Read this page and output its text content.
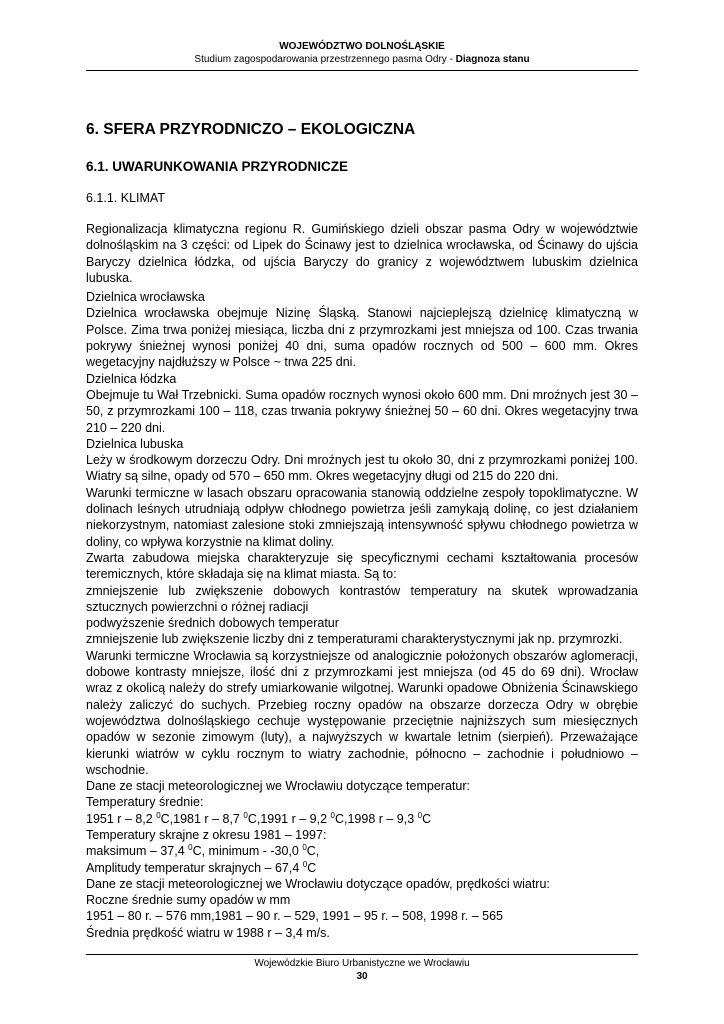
WOJEWÓDZTWO DOLNOŚLĄSKIE
Studium zagospodarowania przestrzennego pasma Odry - Diagnoza stanu
6. SFERA PRZYRODNICZO – EKOLOGICZNA
6.1. UWARUNKOWANIA PRZYRODNICZE
6.1.1. KLIMAT

Regionalizacja klimatyczna regionu R. Gumińskiego dzieli obszar pasma Odry w województwie dolnośląskim na 3 części: od Lipek do Ścinawy jest to dzielnica wrocławska, od Ścinawy do ujścia Baryczy dzielnica łódzka, od ujścia Baryczy do granicy z województwem lubuskim dzielnica lubuska.

Dzielnica wrocławska

Dzielnica wrocławska obejmuje Nizinę Śląską. Stanowi najcieplejszą dzielnicę klimatyczną w Polsce. Zima trwa poniżej miesiąca, liczba dni z przymrozkami jest mniejsza od 100. Czas trwania pokrywy śnieżnej wynosi poniżej 40 dni, suma opadów rocznych od 500 – 600 mm. Okres wegetacyjny najdłuższy w Polsce ~ trwa 225 dni.

Dzielnica łódzka

Obejmuje tu Wał Trzebnicki. Suma opadów rocznych wynosi około 600 mm. Dni mroźnych jest 30 – 50, z przymrozkami 100 – 118, czas trwania pokrywy śnieżnej 50 – 60 dni. Okres wegetacyjny trwa 210 – 220 dni.

Dzielnica lubuska

Leży w środkowym dorzeczu Odry. Dni mroźnych jest tu około 30, dni z przymrozkami poniżej 100. Wiatry są silne, opady od 570 – 650 mm. Okres wegetacyjny długi od 215 do 220 dni.

Warunki termiczne w lasach obszaru opracowania stanowią oddzielne zespoły topoklimatyczne. W dolinach leśnych utrudniają odpływ chłodnego powietrza jeśli zamykają dolinę, co jest działaniem niekorzystnym, natomiast zalesione stoki zmniejszają intensywność spływu chłodnego powietrza w doliny, co wpływa korzystnie na klimat doliny.

Zwarta zabudowa miejska charakteryzuje się specyficznymi cechami kształtowania procesów teremicznych, które składaja się na klimat miasta. Są to:

zmniejszenie lub zwiększenie dobowych kontrastów temperatury na skutek wprowadzania sztucznych powierzchni o różnej radiacji

podwyższenie średnich dobowych temperatur

zmniejszenie lub zwiększenie liczby dni z temperaturami charakterystycznymi jak np. przymrozki.

Warunki termiczne Wrocławia są korzystniejsze od analogicznie położonych obszarów aglomeracji, dobowe kontrasty mniejsze, ilość dni z przymrozkami jest mniejsza (od 45 do 69 dni). Wrocław wraz z okolicą należy do strefy umiarkowanie wilgotnej. Warunki opadowe Obniżenia Ścinawskiego należy zaliczyć do suchych. Przebieg roczny opadów na obszarze dorzecza Odry w obrębie województwa dolnośląskiego cechuje występowanie przeciętnie najniższych sum miesięcznych opadów w sezonie zimowym (luty), a najwyższych w kwartale letnim (sierpień). Przeważające kierunki wiatrów w cyklu rocznym to wiatry zachodnie, północno – zachodnie i południowo – wschodnie.

Dane ze stacji meteorologicznej we Wrocławiu dotyczące temperatur:

Temperatury średnie:

1951 r – 8,2 $^0$C,1981 r – 8,7 $^0$C,1991 r – 9,2 $^0$C,1998 r – 9,3 $^0$C

Temperatury skrajne z okresu 1981 – 1997:

maksimum – 37,4 $^0$C, minimum - -30,0 $^0$C,

Amplitudy temperatur skrajnych – 67,4 $^0$C

Dane ze stacji meteorologicznej we Wrocławiu dotyczące opadów, prędkości wiatru:

Roczne średnie sumy opadów w mm

1951 – 80 r. – 576 mm,1981 – 90 r. – 529, 1991 – 95 r. – 508, 1998 r. – 565

Średnia prędkość wiatru w 1988 r – 3,4 m/s.

Wojewódzkie Biuro Urbanistyczne we Wrocławiu
30
